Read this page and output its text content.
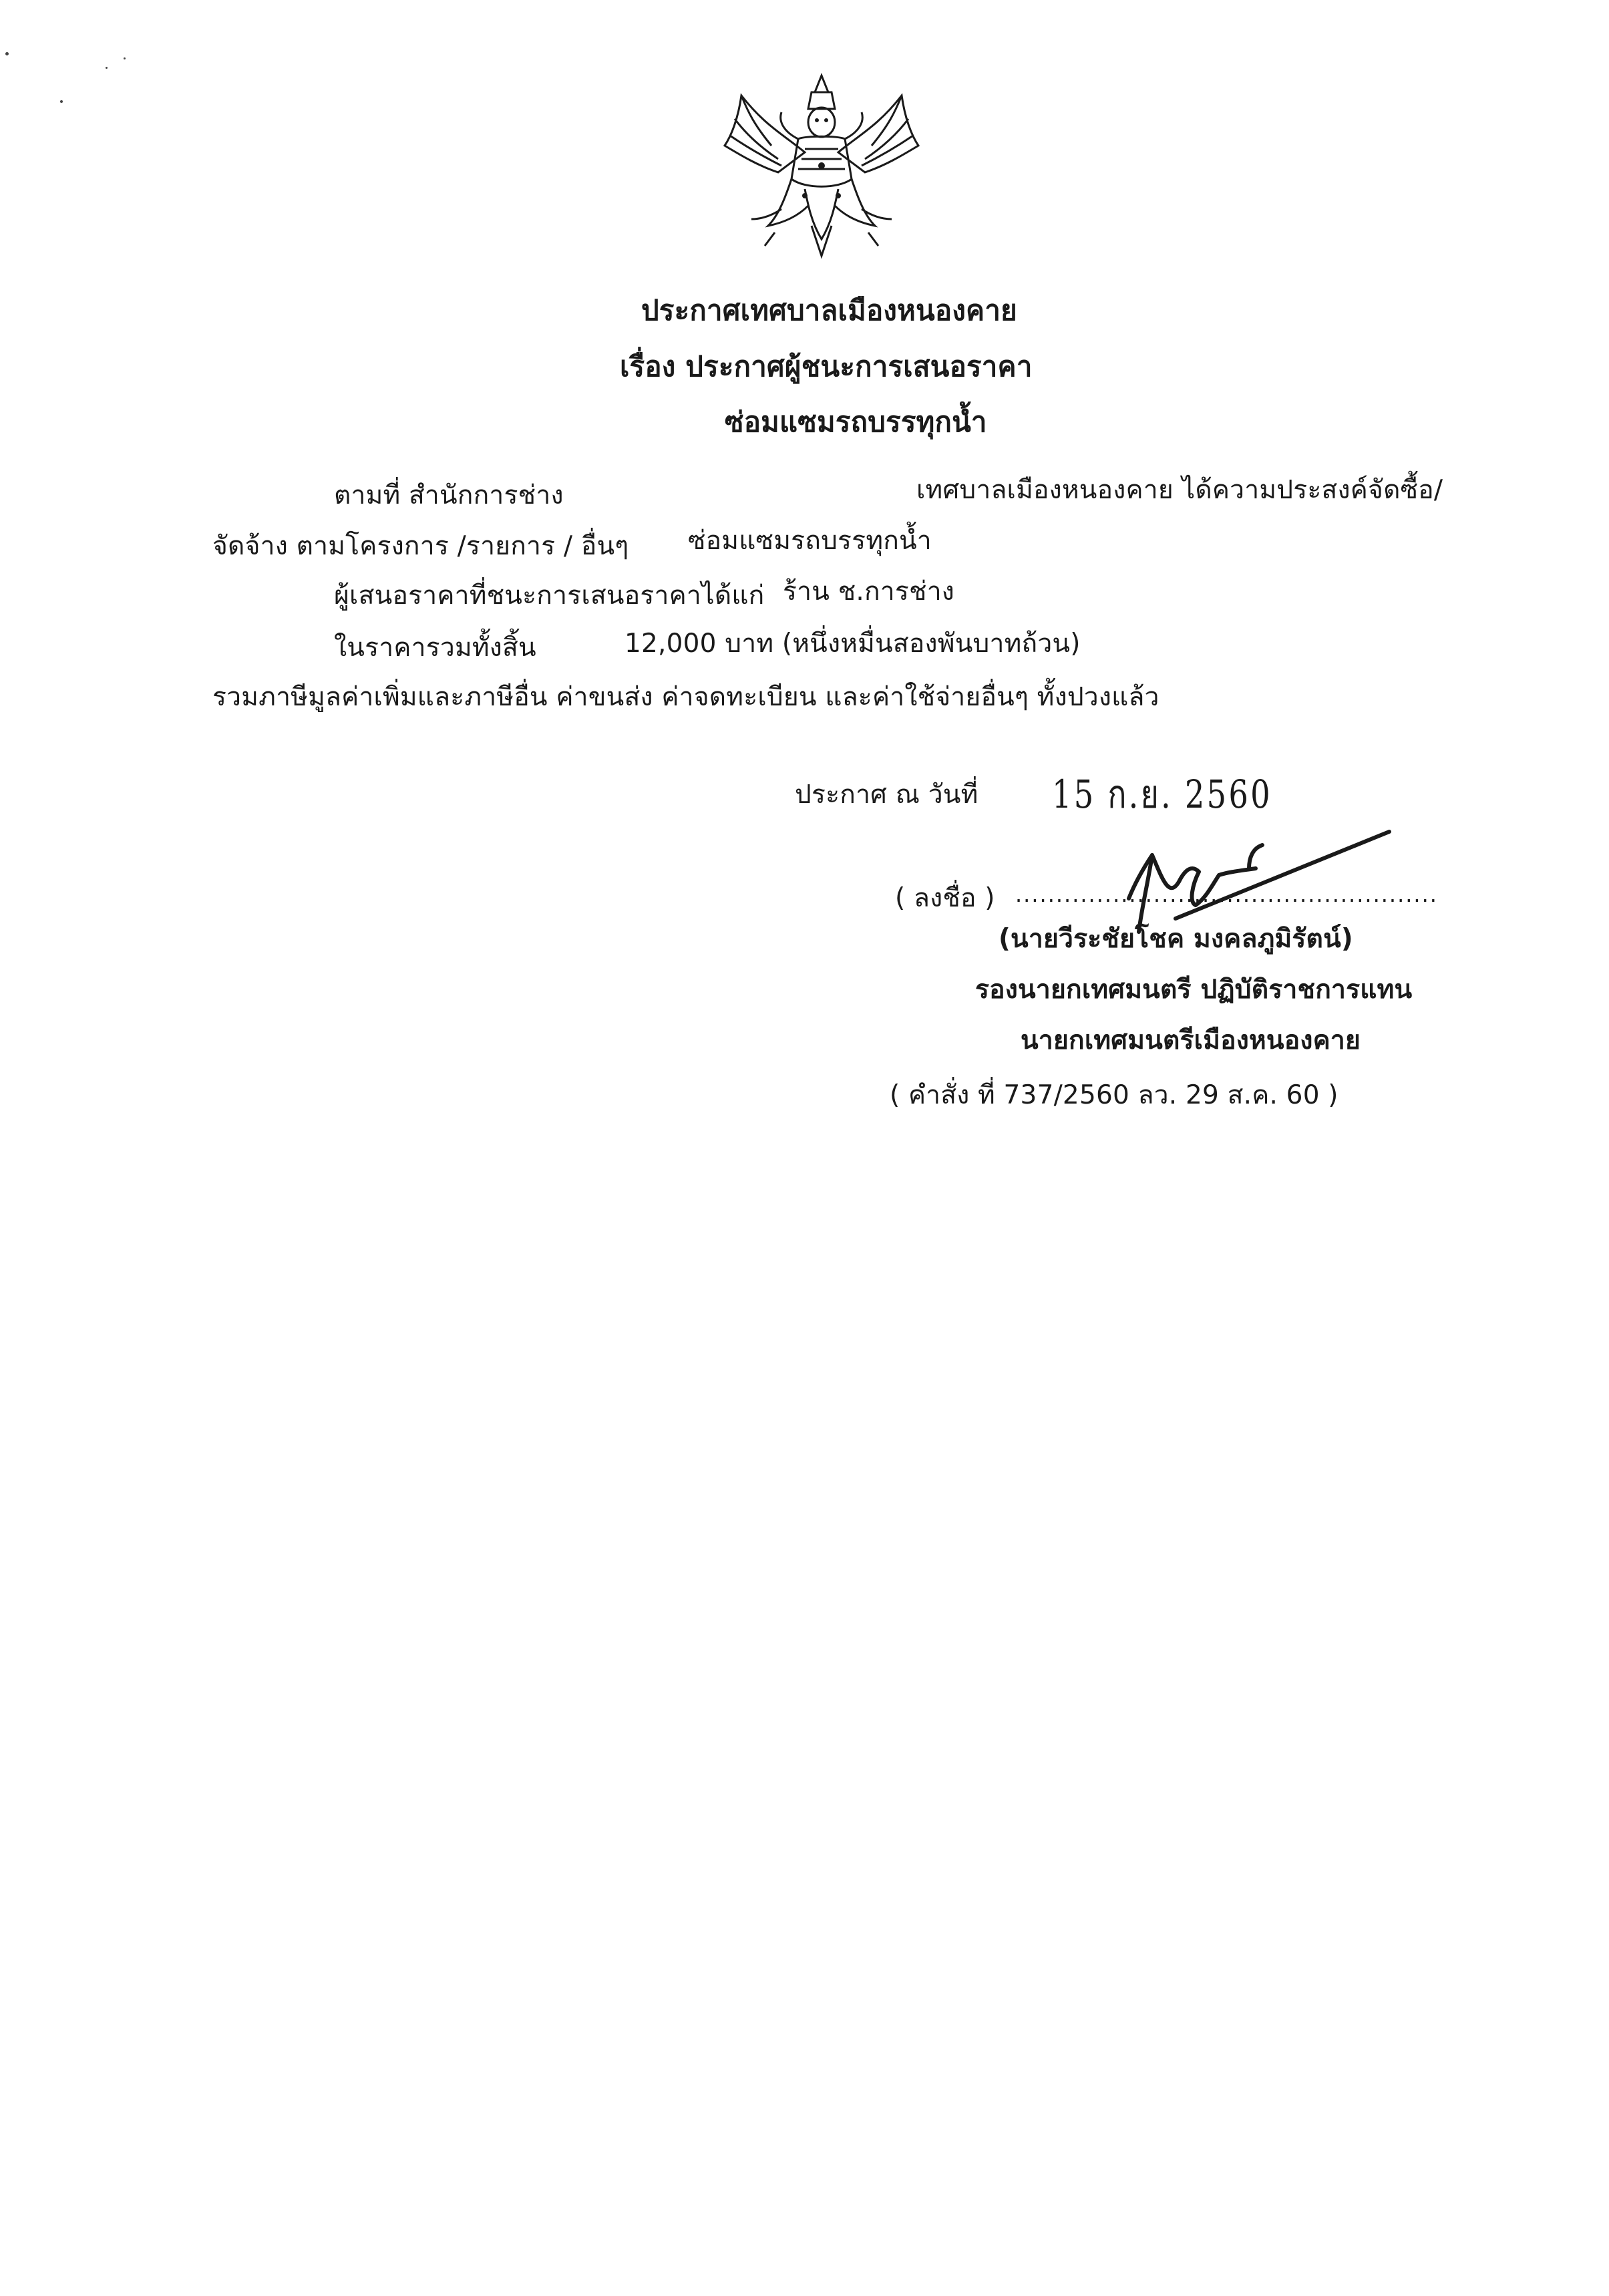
ประกาศเทศบาลเมืองหนองคาย
เรื่อง ประกาศผู้ชนะการเสนอราคา
ซ่อมแซมรถบรรทุกน้ำ
ตามที่ สำนักการช่าง	เทศบาลเมืองหนองคาย ได้ความประสงค์จัดซื้อ/
จัดจ้าง ตามโครงการ /รายการ / อื่นๆ ซ่อมแซมรถบรรทุกน้ำ
ผู้เสนอราคาที่ชนะการเสนอราคาได้แก่ ร้าน ช.การช่าง
ในราคารวมทั้งสิ้น	12,000 บาท (หนึ่งหมื่นสองพันบาทถ้วน)
รวมภาษีมูลค่าเพิ่มและภาษีอื่น ค่าขนส่ง ค่าจดทะเบียน และค่าใช้จ่ายอื่นๆ ทั้งปวงแล้ว
ประกาศ ณ วันที่ 15 ก.ย. 2560
( ลงชื่อ ) ....................................................
(นายวีระชัยโชค มงคลภูมิรัตน์)
รองนายกเทศมนตรี ปฏิบัติราชการแทน
นายกเทศมนตรีเมืองหนองคาย
( คำสั่ง ที่ 737/2560 ลว. 29 ส.ค. 60 )
